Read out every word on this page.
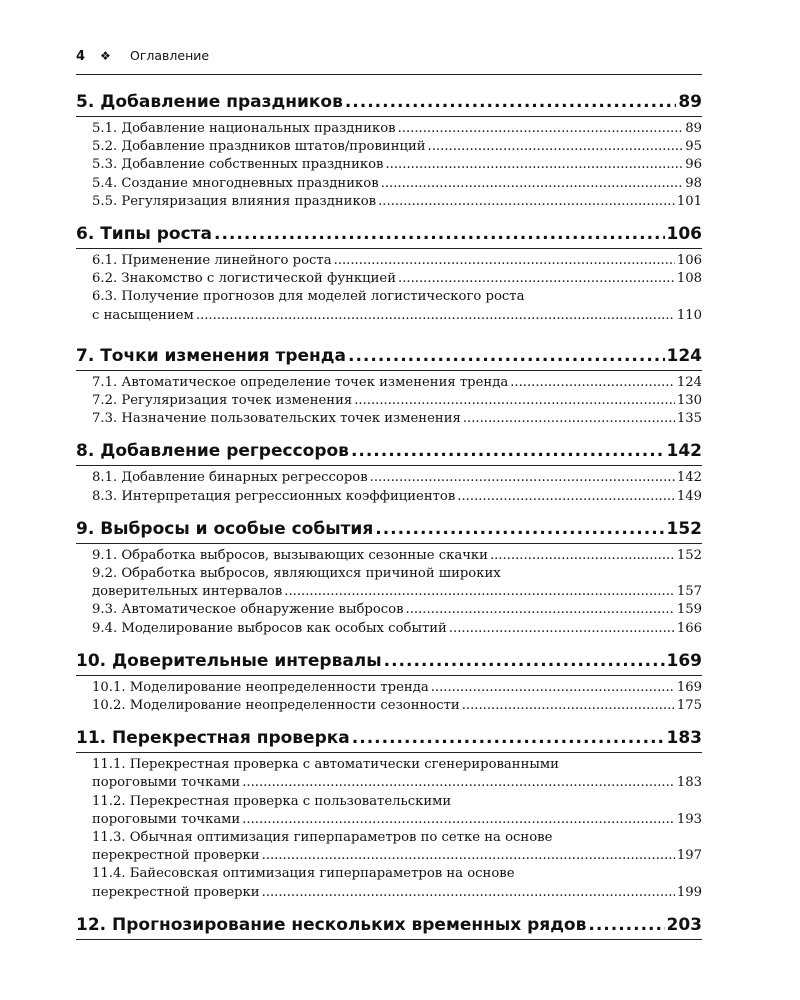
4	❖	Оглавление
5. Добавление праздников .....	89
5.1. Добавление национальных праздников .....	89
5.2. Добавление праздников штатов/провинций .....	95
5.3. Добавление собственных праздников .....	96
5.4. Создание многодневных праздников .....	98
5.5. Регуляризация влияния праздников .....	101
6. Типы роста .....	106
6.1. Применение линейного роста .....	106
6.2. Знакомство с логистической функцией .....	108
6.3. Получение прогнозов для моделей логистического роста
с насыщением .....	110
7. Точки изменения тренда .....	124
7.1. Автоматическое определение точек изменения тренда .....	124
7.2. Регуляризация точек изменения .....	130
7.3. Назначение пользовательских точек изменения .....	135
8. Добавление регрессоров .....	142
8.1. Добавление бинарных регрессоров .....	142
8.3. Интерпретация регрессионных коэффициентов .....	149
9. Выбросы и особые события .....	152
9.1. Обработка выбросов, вызывающих сезонные скачки .....	152
9.2. Обработка выбросов, являющихся причиной широких
доверительных интервалов .....	157
9.3. Автоматическое обнаружение выбросов .....	159
9.4. Моделирование выбросов как особых событий .....	166
10. Доверительные интервалы .....	169
10.1. Моделирование неопределенности тренда .....	169
10.2. Моделирование неопределенности сезонности .....	175
11. Перекрестная проверка .....	183
11.1. Перекрестная проверка с автоматически сгенерированными
пороговыми точками .....	183
11.2. Перекрестная проверка с пользовательскими
пороговыми точками .....	193
11.3. Обычная оптимизация гиперпараметров по сетке на основе
перекрестной проверки .....	197
11.4. Байесовская оптимизация гиперпараметров на основе
перекрестной проверки .....	199
12. Прогнозирование нескольких временных рядов .....	203
